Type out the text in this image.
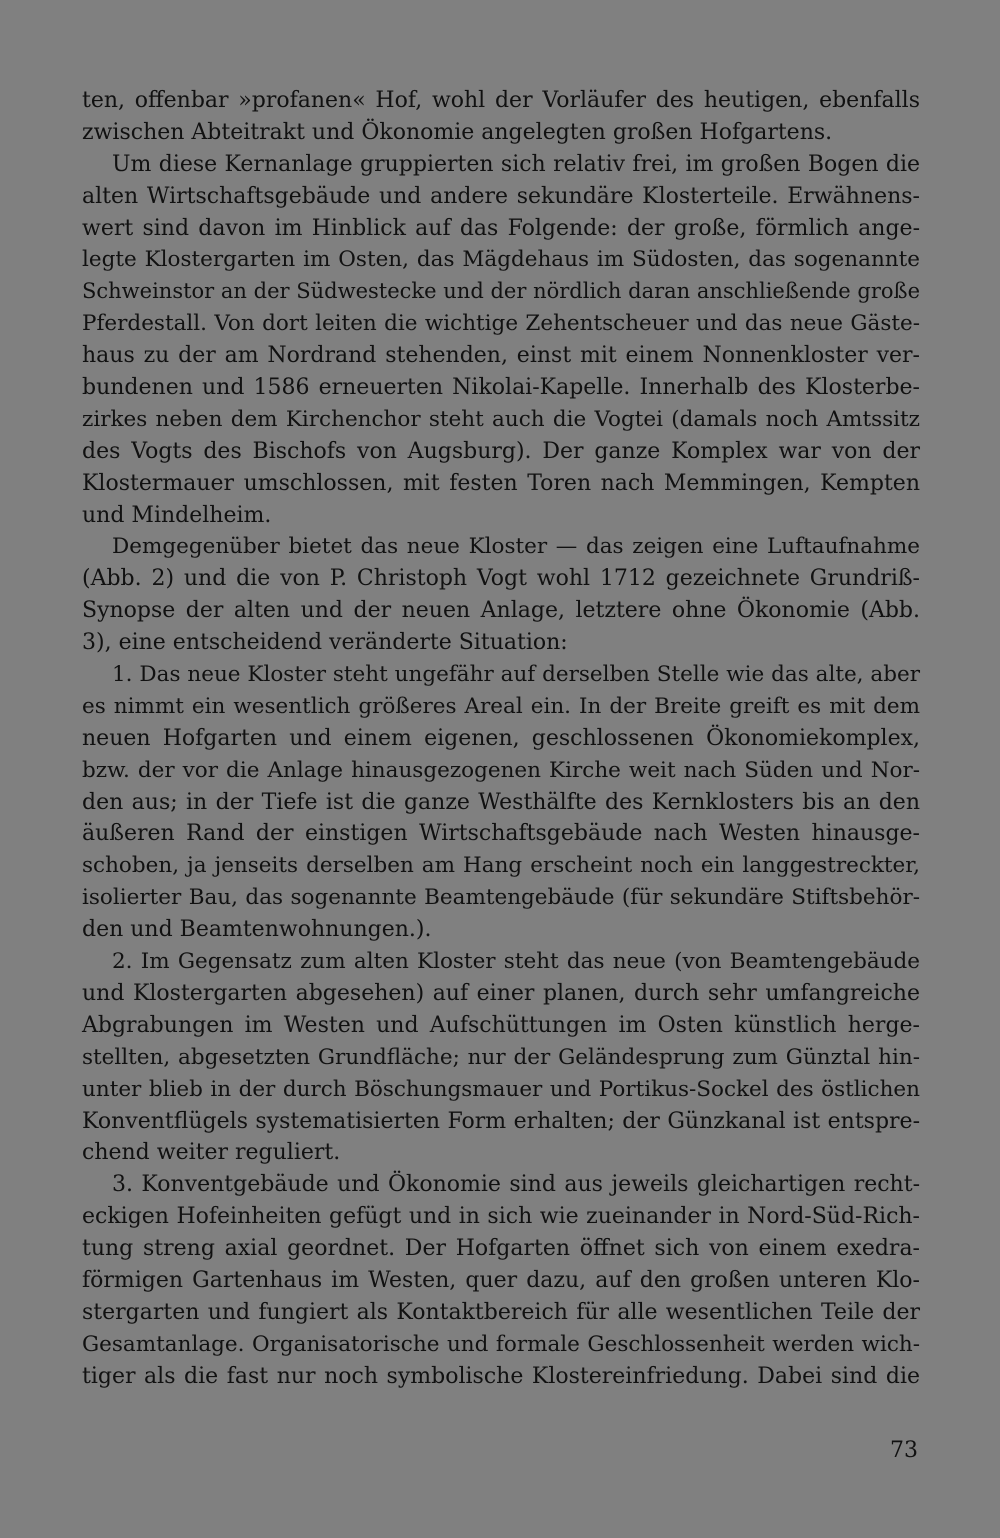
ten, offenbar »profanen« Hof, wohl der Vorläufer des heutigen, ebenfalls
zwischen Abteitrakt und Ökonomie angelegten großen Hofgartens.
Um diese Kernanlage gruppierten sich relativ frei, im großen Bogen die
alten Wirtschaftsgebäude und andere sekundäre Klosterteile. Erwähnens-
wert sind davon im Hinblick auf das Folgende: der große, förmlich ange-
legte Klostergarten im Osten, das Mägdehaus im Südosten, das sogenannte
Schweinstor an der Südwestecke und der nördlich daran anschließende große
Pferdestall. Von dort leiten die wichtige Zehentscheuer und das neue Gäste-
haus zu der am Nordrand stehenden, einst mit einem Nonnenkloster ver-
bundenen und 1586 erneuerten Nikolai-Kapelle. Innerhalb des Klosterbe-
zirkes neben dem Kirchenchor steht auch die Vogtei (damals noch Amtssitz
des Vogts des Bischofs von Augsburg). Der ganze Komplex war von der
Klostermauer umschlossen, mit festen Toren nach Memmingen, Kempten
und Mindelheim.
Demgegenüber bietet das neue Kloster — das zeigen eine Luftaufnahme
(Abb. 2) und die von P. Christoph Vogt wohl 1712 gezeichnete Grundriß-
Synopse der alten und der neuen Anlage, letztere ohne Ökonomie (Abb.
3), eine entscheidend veränderte Situation:
1. Das neue Kloster steht ungefähr auf derselben Stelle wie das alte, aber
es nimmt ein wesentlich größeres Areal ein. In der Breite greift es mit dem
neuen Hofgarten und einem eigenen, geschlossenen Ökonomiekomplex,
bzw. der vor die Anlage hinausgezogenen Kirche weit nach Süden und Nor-
den aus; in der Tiefe ist die ganze Westhälfte des Kernklosters bis an den
äußeren Rand der einstigen Wirtschaftsgebäude nach Westen hinausge-
schoben, ja jenseits derselben am Hang erscheint noch ein langgestreckter,
isolierter Bau, das sogenannte Beamtengebäude (für sekundäre Stiftsbehör-
den und Beamtenwohnungen.).
2. Im Gegensatz zum alten Kloster steht das neue (von Beamtengebäude
und Klostergarten abgesehen) auf einer planen, durch sehr umfangreiche
Abgrabungen im Westen und Aufschüttungen im Osten künstlich herge-
stellten, abgesetzten Grundfläche; nur der Geländesprung zum Günztal hin-
unter blieb in der durch Böschungsmauer und Portikus-Sockel des östlichen
Konventflügels systematisierten Form erhalten; der Günzkanal ist entspre-
chend weiter reguliert.
3. Konventgebäude und Ökonomie sind aus jeweils gleichartigen recht-
eckigen Hofeinheiten gefügt und in sich wie zueinander in Nord-Süd-Rich-
tung streng axial geordnet. Der Hofgarten öffnet sich von einem exedra-
förmigen Gartenhaus im Westen, quer dazu, auf den großen unteren Klo-
stergarten und fungiert als Kontaktbereich für alle wesentlichen Teile der
Gesamtanlage. Organisatorische und formale Geschlossenheit werden wich-
tiger als die fast nur noch symbolische Klostereinfriedung. Dabei sind die
73
